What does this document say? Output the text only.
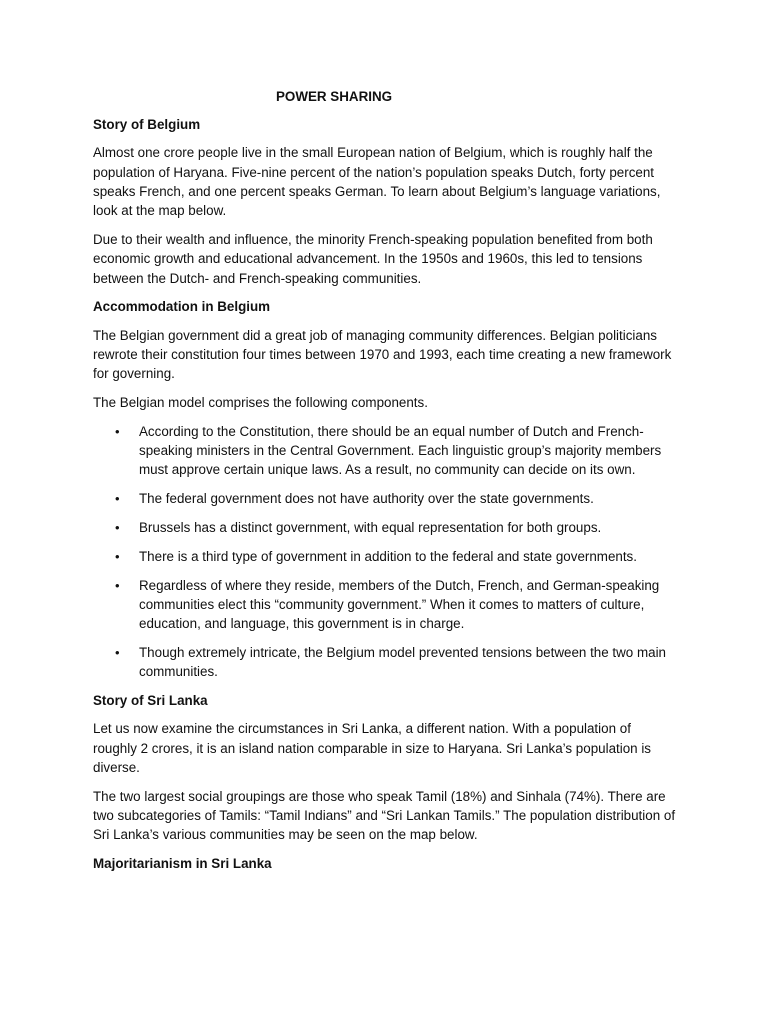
POWER SHARING
Story of Belgium

Almost one crore people live in the small European nation of Belgium, which is roughly half the population of Haryana. Five-nine percent of the nation’s population speaks Dutch, forty percent speaks French, and one percent speaks German. To learn about Belgium’s language variations, look at the map below.

Due to their wealth and influence, the minority French-speaking population benefited from both economic growth and educational advancement. In the 1950s and 1960s, this led to tensions between the Dutch- and French-speaking communities.

Accommodation in Belgium

The Belgian government did a great job of managing community differences. Belgian politicians rewrote their constitution four times between 1970 and 1993, each time creating a new framework for governing.

The Belgian model comprises the following components.

• According to the Constitution, there should be an equal number of Dutch and French-speaking ministers in the Central Government. Each linguistic group’s majority members must approve certain unique laws. As a result, no community can decide on its own.
• The federal government does not have authority over the state governments.
• Brussels has a distinct government, with equal representation for both groups.
• There is a third type of government in addition to the federal and state governments.
• Regardless of where they reside, members of the Dutch, French, and German-speaking communities elect this “community government.” When it comes to matters of culture, education, and language, this government is in charge.
• Though extremely intricate, the Belgium model prevented tensions between the two main communities.
Story of Sri Lanka

Let us now examine the circumstances in Sri Lanka, a different nation. With a population of roughly 2 crores, it is an island nation comparable in size to Haryana. Sri Lanka’s population is diverse.

The two largest social groupings are those who speak Tamil (18%) and Sinhala (74%). There are two subcategories of Tamils: “Tamil Indians” and “Sri Lankan Tamils.” The population distribution of Sri Lanka’s various communities may be seen on the map below.

Majoritarianism in Sri Lanka
